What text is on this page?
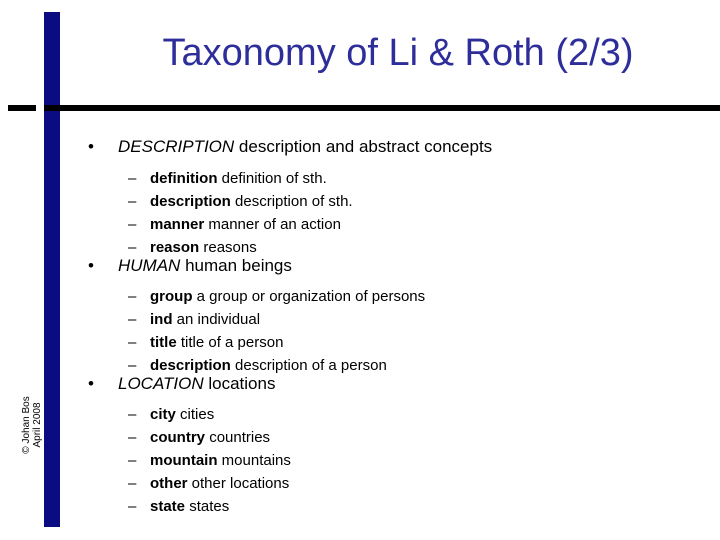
Taxonomy of Li & Roth (2/3)
© Johan Bos April 2008
• DESCRIPTION description and abstract concepts
– definition definition of sth.
– description description of sth.
– manner manner of an action
– reason reasons
• HUMAN human beings
– group a group or organization of persons
– ind an individual
– title title of a person
– description description of a person
• LOCATION locations
– city cities
– country countries
– mountain mountains
– other other locations
– state states
